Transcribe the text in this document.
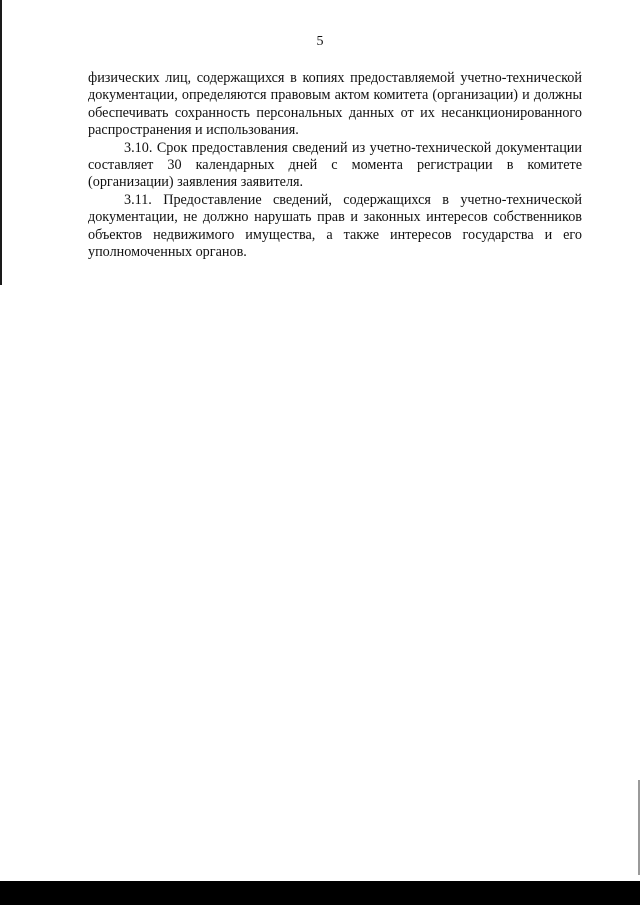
5

физических лиц, содержащихся в копиях предоставляемой учетно-технической документации, определяются правовым актом комитета (организации) и должны обеспечивать сохранность персональных данных от их несанкционированного распространения и использования.

3.10. Срок предоставления сведений из учетно-технической документации составляет 30 календарных дней с момента регистрации в комитете (организации) заявления заявителя.

3.11. Предоставление сведений, содержащихся в учетно-технической документации, не должно нарушать прав и законных интересов собственников объектов недвижимого имущества, а также интересов государства и его уполномоченных органов.
